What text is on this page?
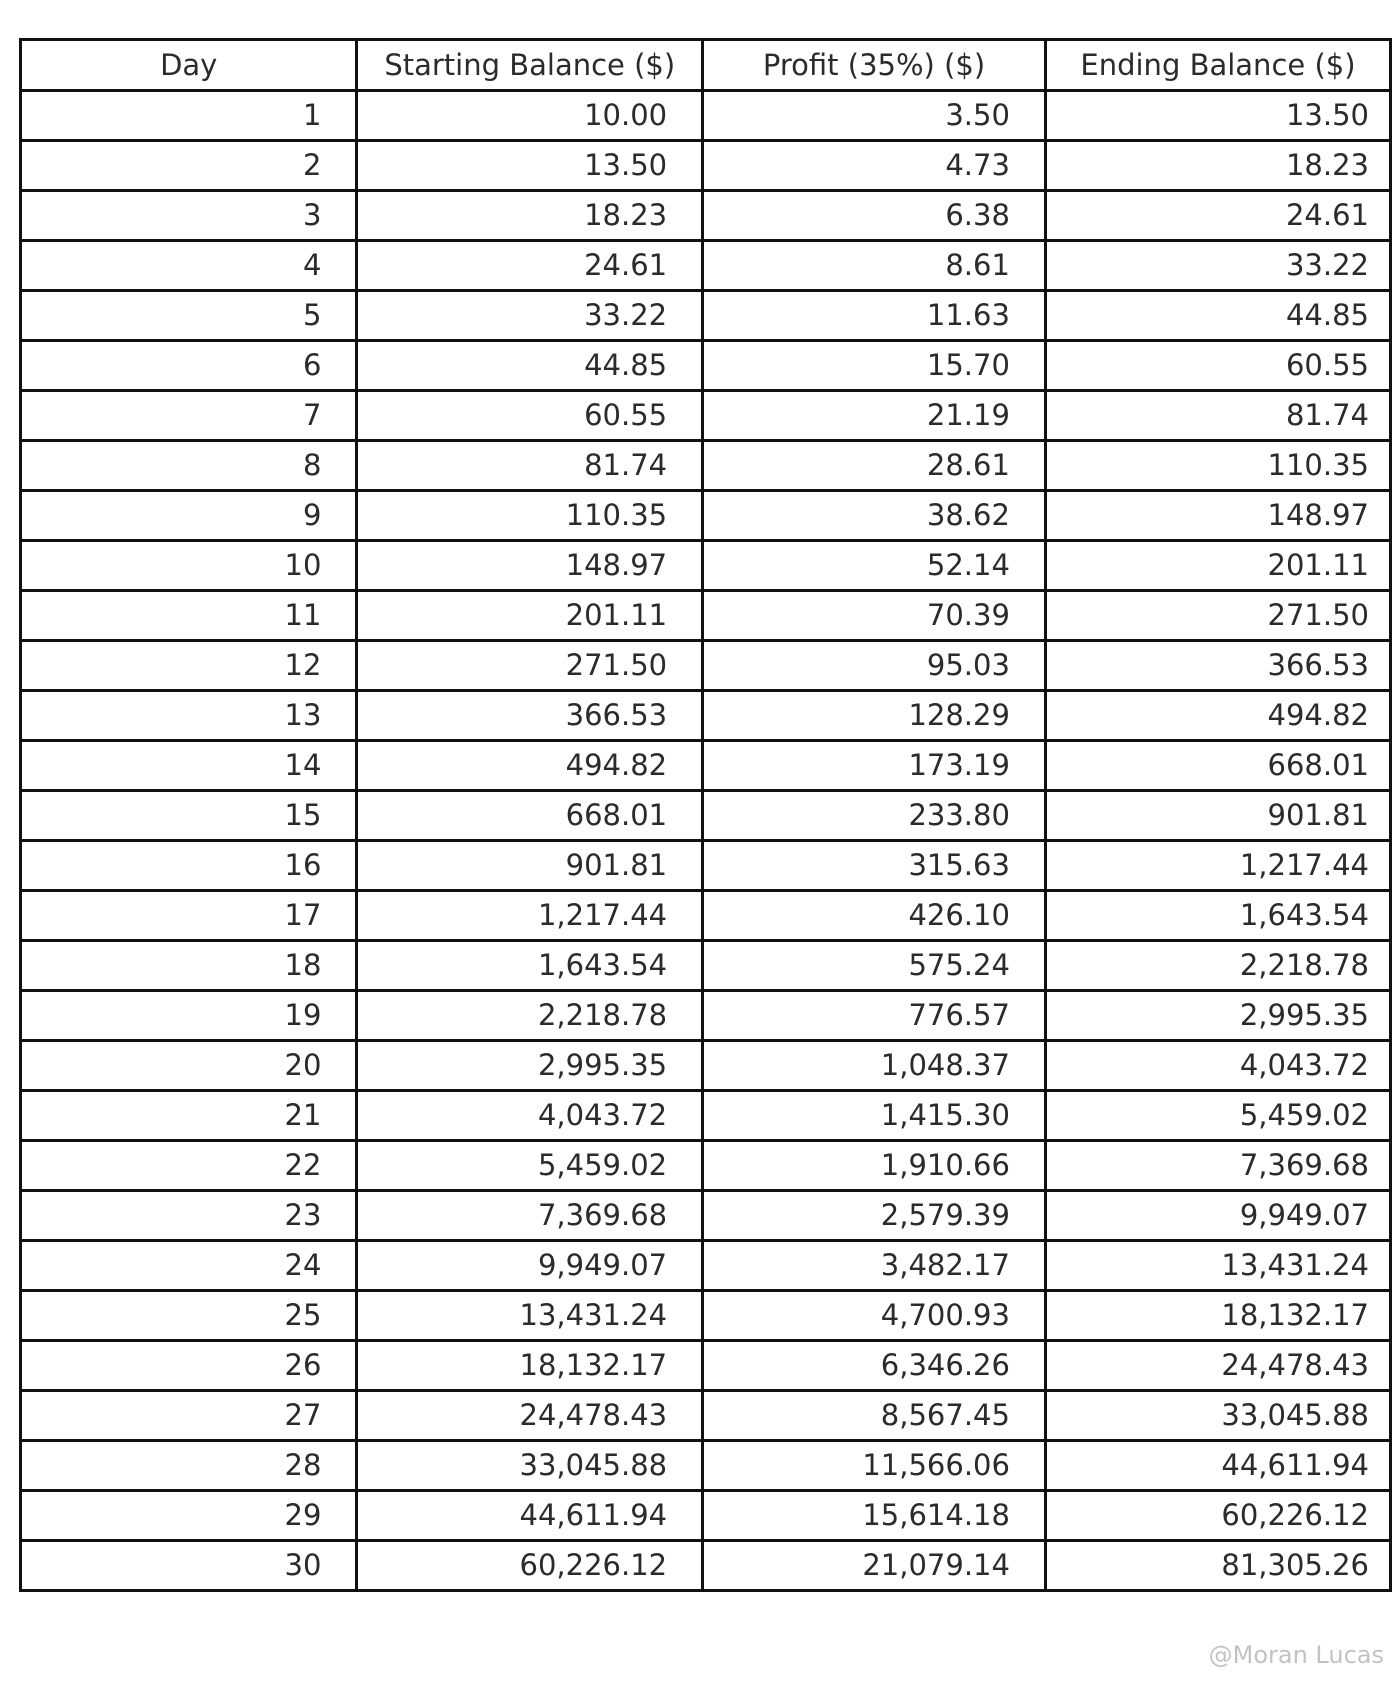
Day	Starting Balance ($)	Profit (35%) ($)	Ending Balance ($)
1	10.00	3.50	13.50
2	13.50	4.73	18.23
3	18.23	6.38	24.61
4	24.61	8.61	33.22
5	33.22	11.63	44.85
6	44.85	15.70	60.55
7	60.55	21.19	81.74
8	81.74	28.61	110.35
9	110.35	38.62	148.97
10	148.97	52.14	201.11
11	201.11	70.39	271.50
12	271.50	95.03	366.53
13	366.53	128.29	494.82
14	494.82	173.19	668.01
15	668.01	233.80	901.81
16	901.81	315.63	1,217.44
17	1,217.44	426.10	1,643.54
18	1,643.54	575.24	2,218.78
19	2,218.78	776.57	2,995.35
20	2,995.35	1,048.37	4,043.72
21	4,043.72	1,415.30	5,459.02
22	5,459.02	1,910.66	7,369.68
23	7,369.68	2,579.39	9,949.07
24	9,949.07	3,482.17	13,431.24
25	13,431.24	4,700.93	18,132.17
26	18,132.17	6,346.26	24,478.43
27	24,478.43	8,567.45	33,045.88
28	33,045.88	11,566.06	44,611.94
29	44,611.94	15,614.18	60,226.12
30	60,226.12	21,079.14	81,305.26
@Moran Lucas
